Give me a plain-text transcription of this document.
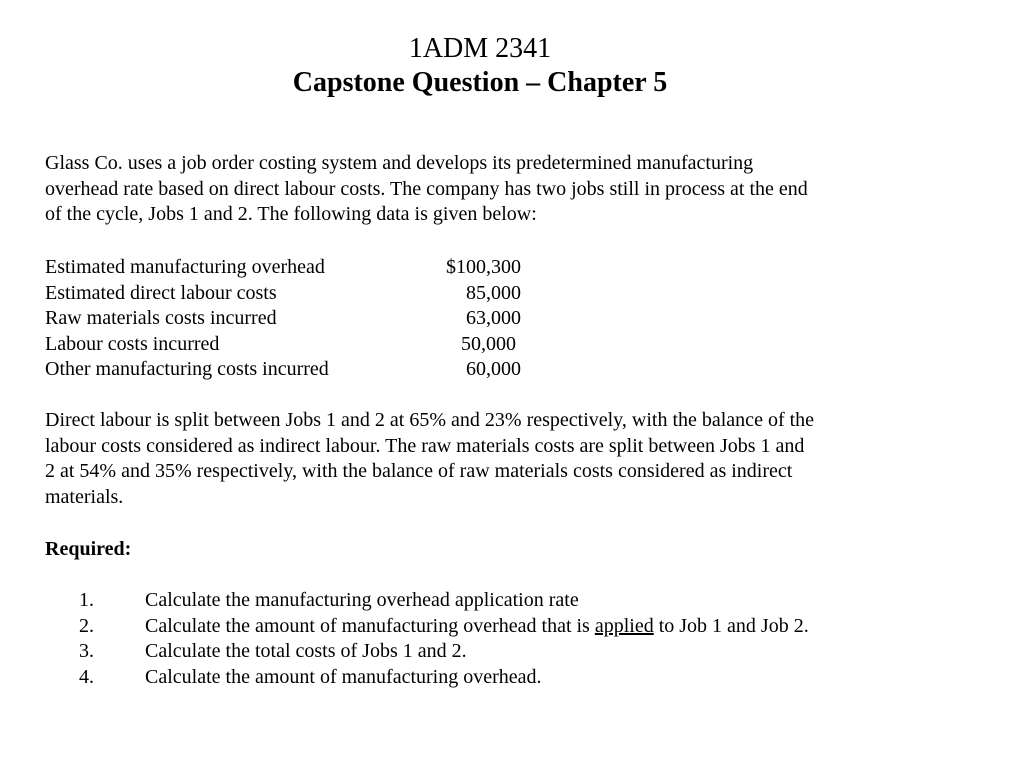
1ADM 2341
Capstone Question – Chapter 5
Glass Co. uses a job order costing system and develops its predetermined manufacturing
overhead rate based on direct labour costs. The company has two jobs still in process at the end
of the cycle, Jobs 1 and 2. The following data is given below:
Estimated manufacturing overhead	$100,300
Estimated direct labour costs	85,000
Raw materials costs incurred	63,000
Labour costs incurred	50,000
Other manufacturing costs incurred	60,000
Direct labour is split between Jobs 1 and 2 at 65% and 23% respectively, with the balance of the
labour costs considered as indirect labour. The raw materials costs are split between Jobs 1 and
2 at 54% and 35% respectively, with the balance of raw materials costs considered as indirect
materials.
Required:
1.	Calculate the manufacturing overhead application rate
2.	Calculate the amount of manufacturing overhead that is applied to Job 1 and Job 2.
3.	Calculate the total costs of Jobs 1 and 2.
4.	Calculate the amount of manufacturing overhead.
